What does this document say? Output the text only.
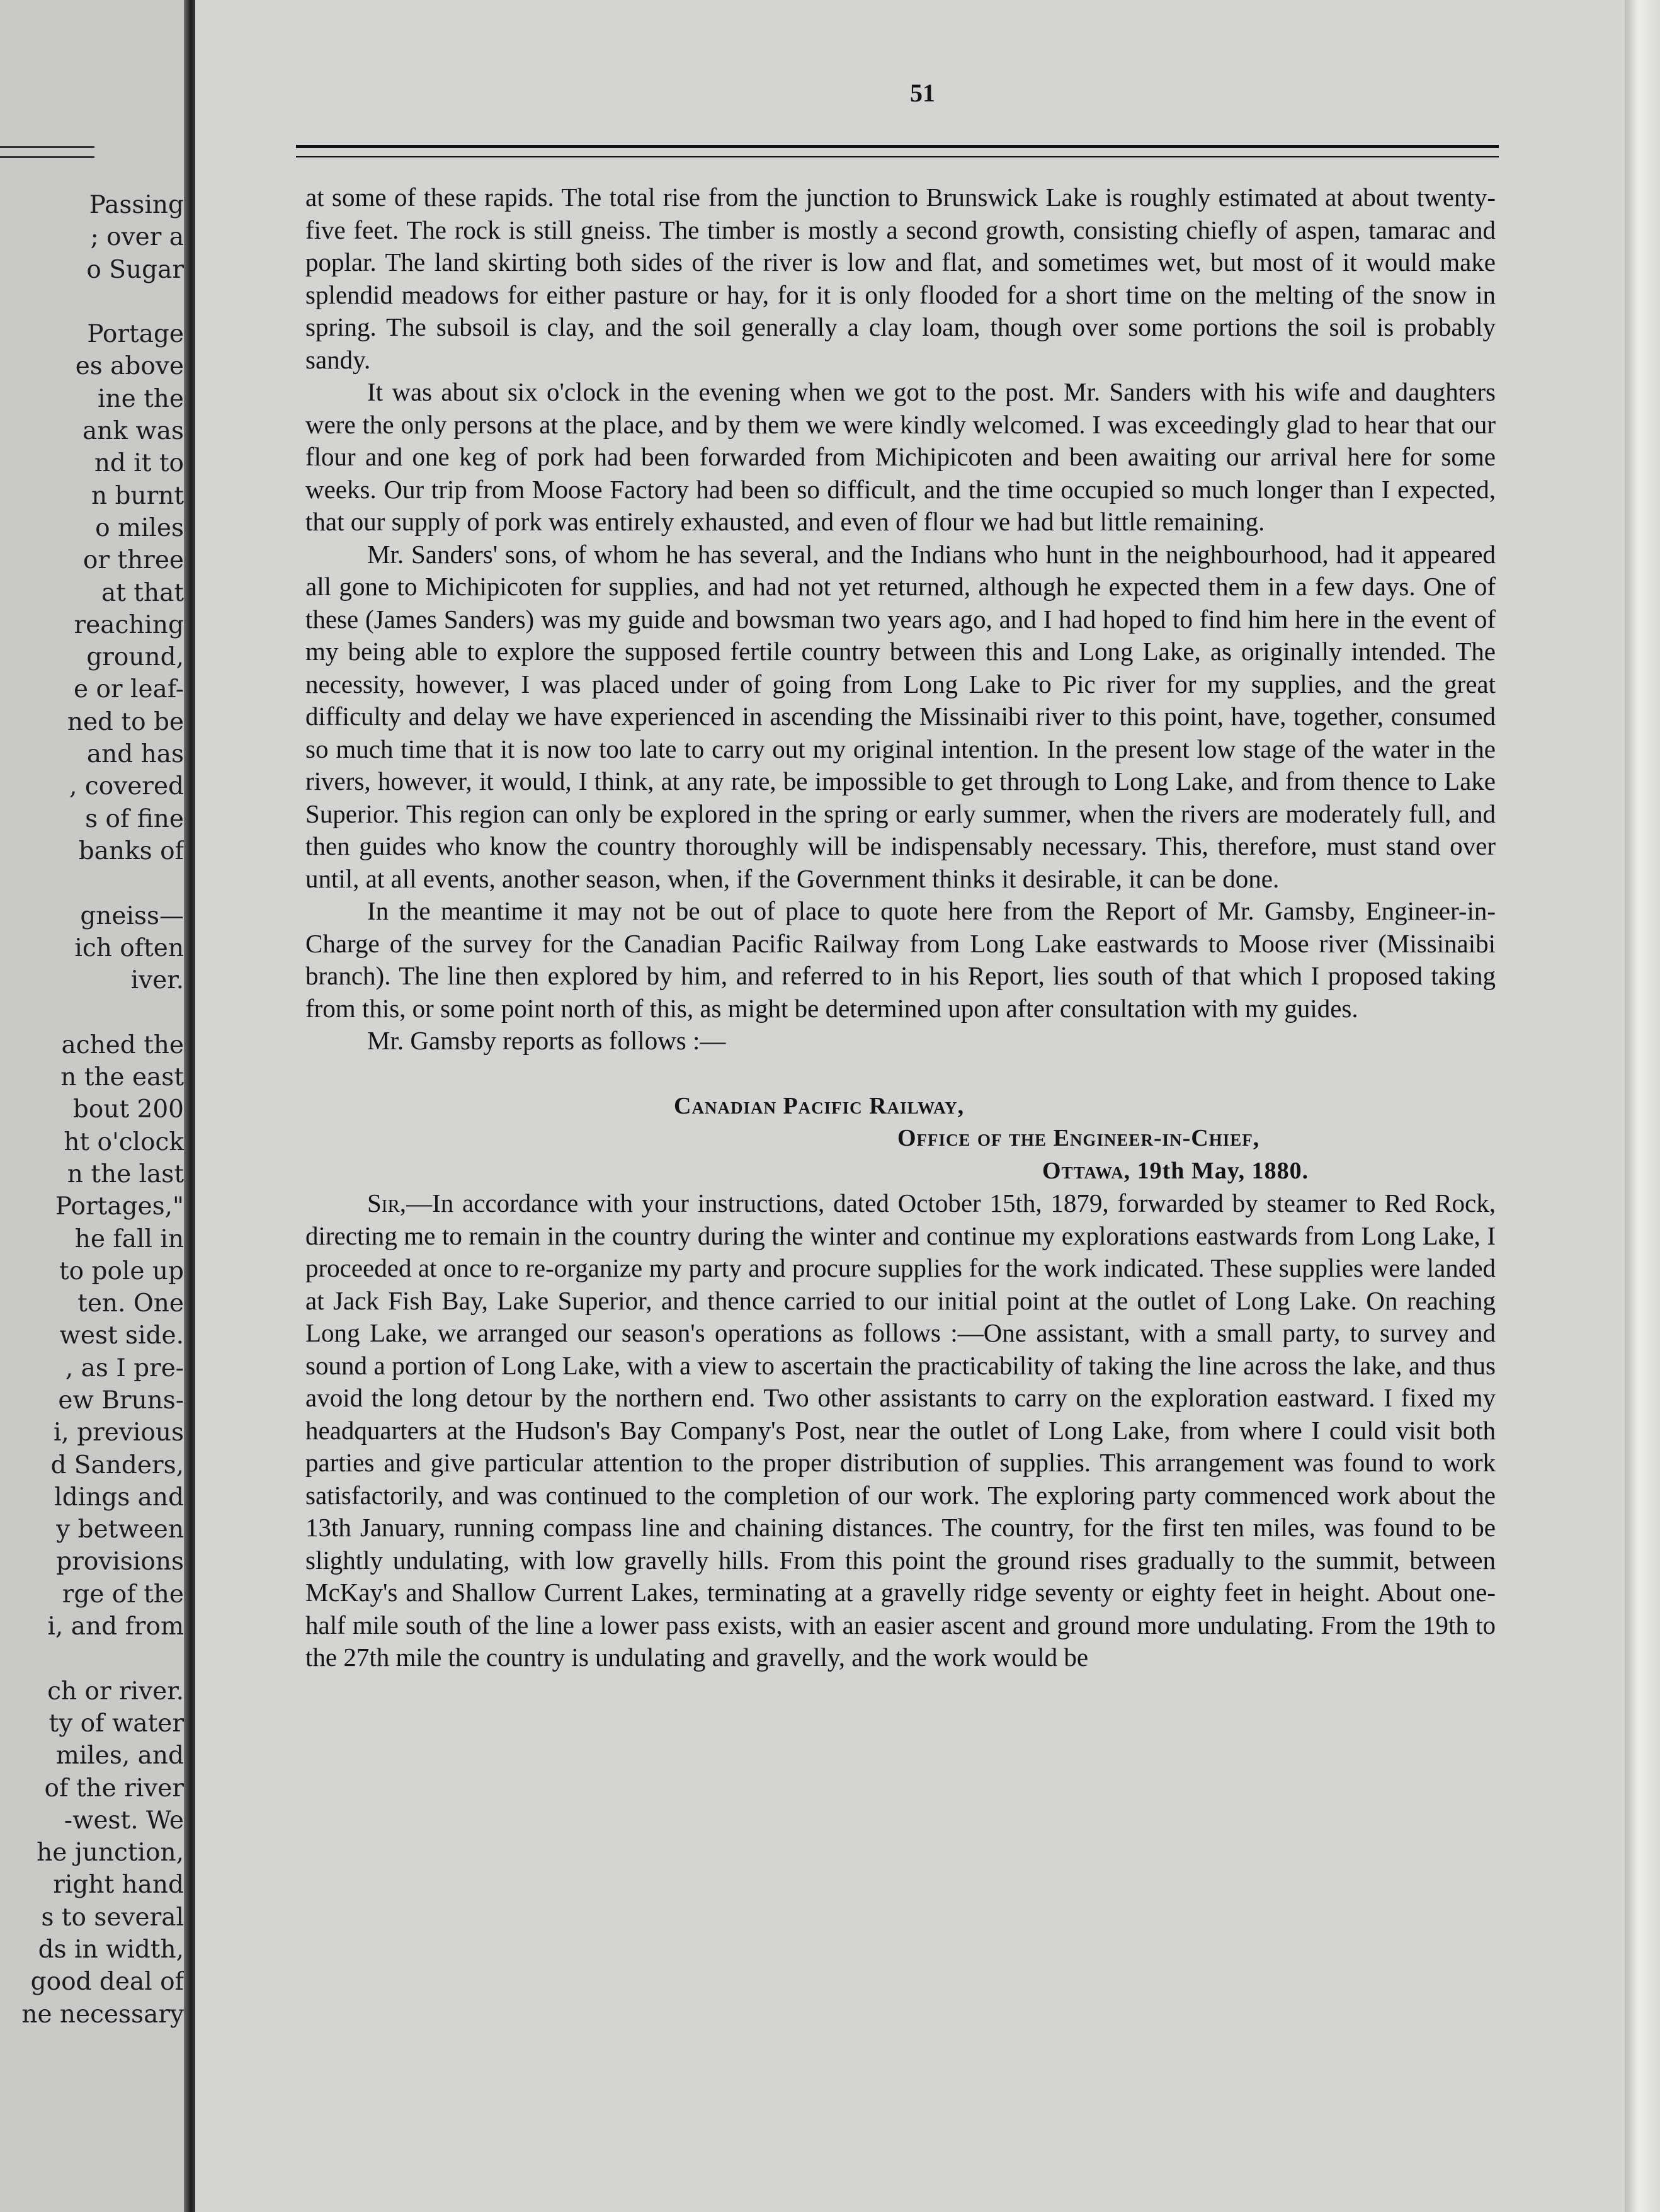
Passing
; over a
o Sugar
Portage
es above
ine the
ank was
nd it to
n burnt
o miles
or three
at that
reaching
ground,
e or leaf-
ned to be
and has
, covered
s of fine
banks of
gneiss—
ich often
iver.
ached the
n the east
bout 200
ht o'clock
n the last
Portages,"
he fall in
to pole up
ten. One
west side.
, as I pre-
ew Bruns-
i, previous
d Sanders,
ldings and
y between
provisions
rge of the
i, and from
ch or river.
ty of water
miles, and
of the river
-west. We
he junction,
right hand
s to several
ds in width,
good deal of
ne necessary
51

at some of these rapids. The total rise from the junction to Brunswick Lake is roughly estimated at about twenty-five feet. The rock is still gneiss. The timber is mostly a second growth, consisting chiefly of aspen, tamarac and poplar. The land skirting both sides of the river is low and flat, and sometimes wet, but most of it would make splendid meadows for either pasture or hay, for it is only flooded for a short time on the melting of the snow in spring. The subsoil is clay, and the soil generally a clay loam, though over some portions the soil is probably sandy.

It was about six o'clock in the evening when we got to the post. Mr. Sanders with his wife and daughters were the only persons at the place, and by them we were kindly welcomed. I was exceedingly glad to hear that our flour and one keg of pork had been forwarded from Michipicoten and been awaiting our arrival here for some weeks. Our trip from Moose Factory had been so difficult, and the time occupied so much longer than I expected, that our supply of pork was entirely exhausted, and even of flour we had but little remaining.

Mr. Sanders' sons, of whom he has several, and the Indians who hunt in the neighbourhood, had it appeared all gone to Michipicoten for supplies, and had not yet returned, although he expected them in a few days. One of these (James Sanders) was my guide and bowsman two years ago, and I had hoped to find him here in the event of my being able to explore the supposed fertile country between this and Long Lake, as originally intended. The necessity, however, I was placed under of going from Long Lake to Pic river for my supplies, and the great difficulty and delay we have experienced in ascending the Missinaibi river to this point, have, together, consumed so much time that it is now too late to carry out my original intention. In the present low stage of the water in the rivers, however, it would, I think, at any rate, be impossible to get through to Long Lake, and from thence to Lake Superior. This region can only be explored in the spring or early summer, when the rivers are moderately full, and then guides who know the country thoroughly will be indispensably necessary. This, therefore, must stand over until, at all events, another season, when, if the Government thinks it desirable, it can be done.

In the meantime it may not be out of place to quote here from the Report of Mr. Gamsby, Engineer-in-Charge of the survey for the Canadian Pacific Railway from Long Lake eastwards to Moose river (Missinaibi branch). The line then explored by him, and referred to in his Report, lies south of that which I proposed taking from this, or some point north of this, as might be determined upon after consultation with my guides.

Mr. Gamsby reports as follows :—

Canadian Pacific Railway,

Office of the Engineer-in-Chief,

Ottawa, 19th May, 1880.

Sir,—In accordance with your instructions, dated October 15th, 1879, forwarded by steamer to Red Rock, directing me to remain in the country during the winter and continue my explorations eastwards from Long Lake, I proceeded at once to re-organize my party and procure supplies for the work indicated. These supplies were landed at Jack Fish Bay, Lake Superior, and thence carried to our initial point at the outlet of Long Lake. On reaching Long Lake, we arranged our season's operations as follows :—One assistant, with a small party, to survey and sound a portion of Long Lake, with a view to ascertain the practicability of taking the line across the lake, and thus avoid the long detour by the northern end. Two other assistants to carry on the exploration eastward. I fixed my headquarters at the Hudson's Bay Company's Post, near the outlet of Long Lake, from where I could visit both parties and give particular attention to the proper distribution of supplies. This arrangement was found to work satisfactorily, and was continued to the completion of our work. The exploring party commenced work about the 13th January, running compass line and chaining distances. The country, for the first ten miles, was found to be slightly undulating, with low gravelly hills. From this point the ground rises gradually to the summit, between McKay's and Shallow Current Lakes, terminating at a gravelly ridge seventy or eighty feet in height. About one-half mile south of the line a lower pass exists, with an easier ascent and ground more undulating. From the 19th to the 27th mile the country is undulating and gravelly, and the work would be
